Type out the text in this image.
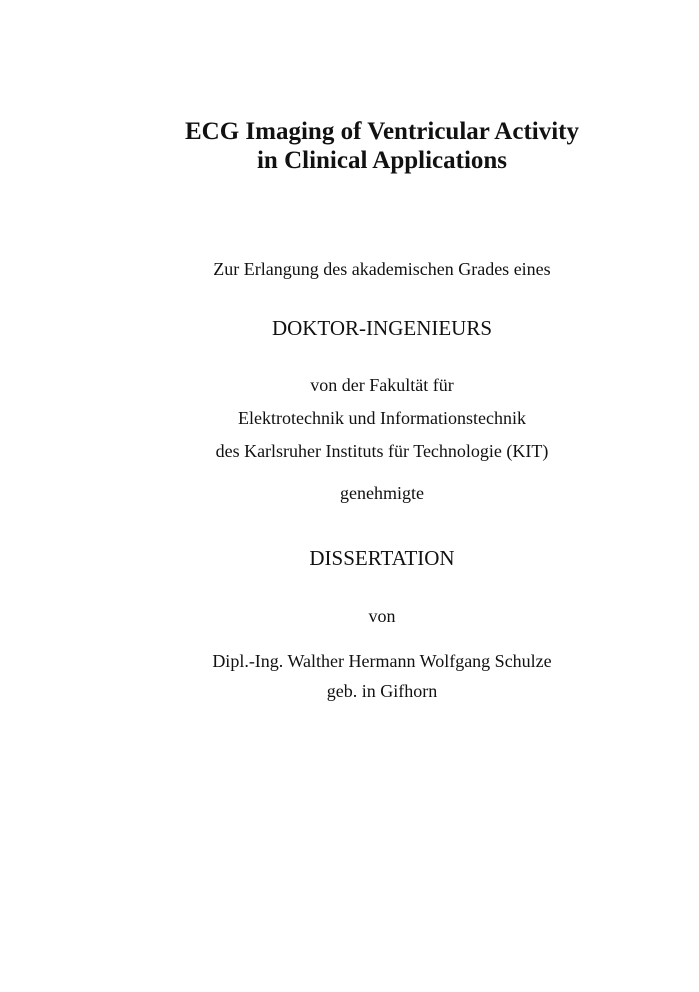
ECG Imaging of Ventricular Activity
in Clinical Applications
Zur Erlangung des akademischen Grades eines
DOKTOR-INGENIEURS
von der Fakultät für
Elektrotechnik und Informationstechnik
des Karlsruher Instituts für Technologie (KIT)
genehmigte
DISSERTATION
von
Dipl.-Ing. Walther Hermann Wolfgang Schulze
geb. in Gifhorn
